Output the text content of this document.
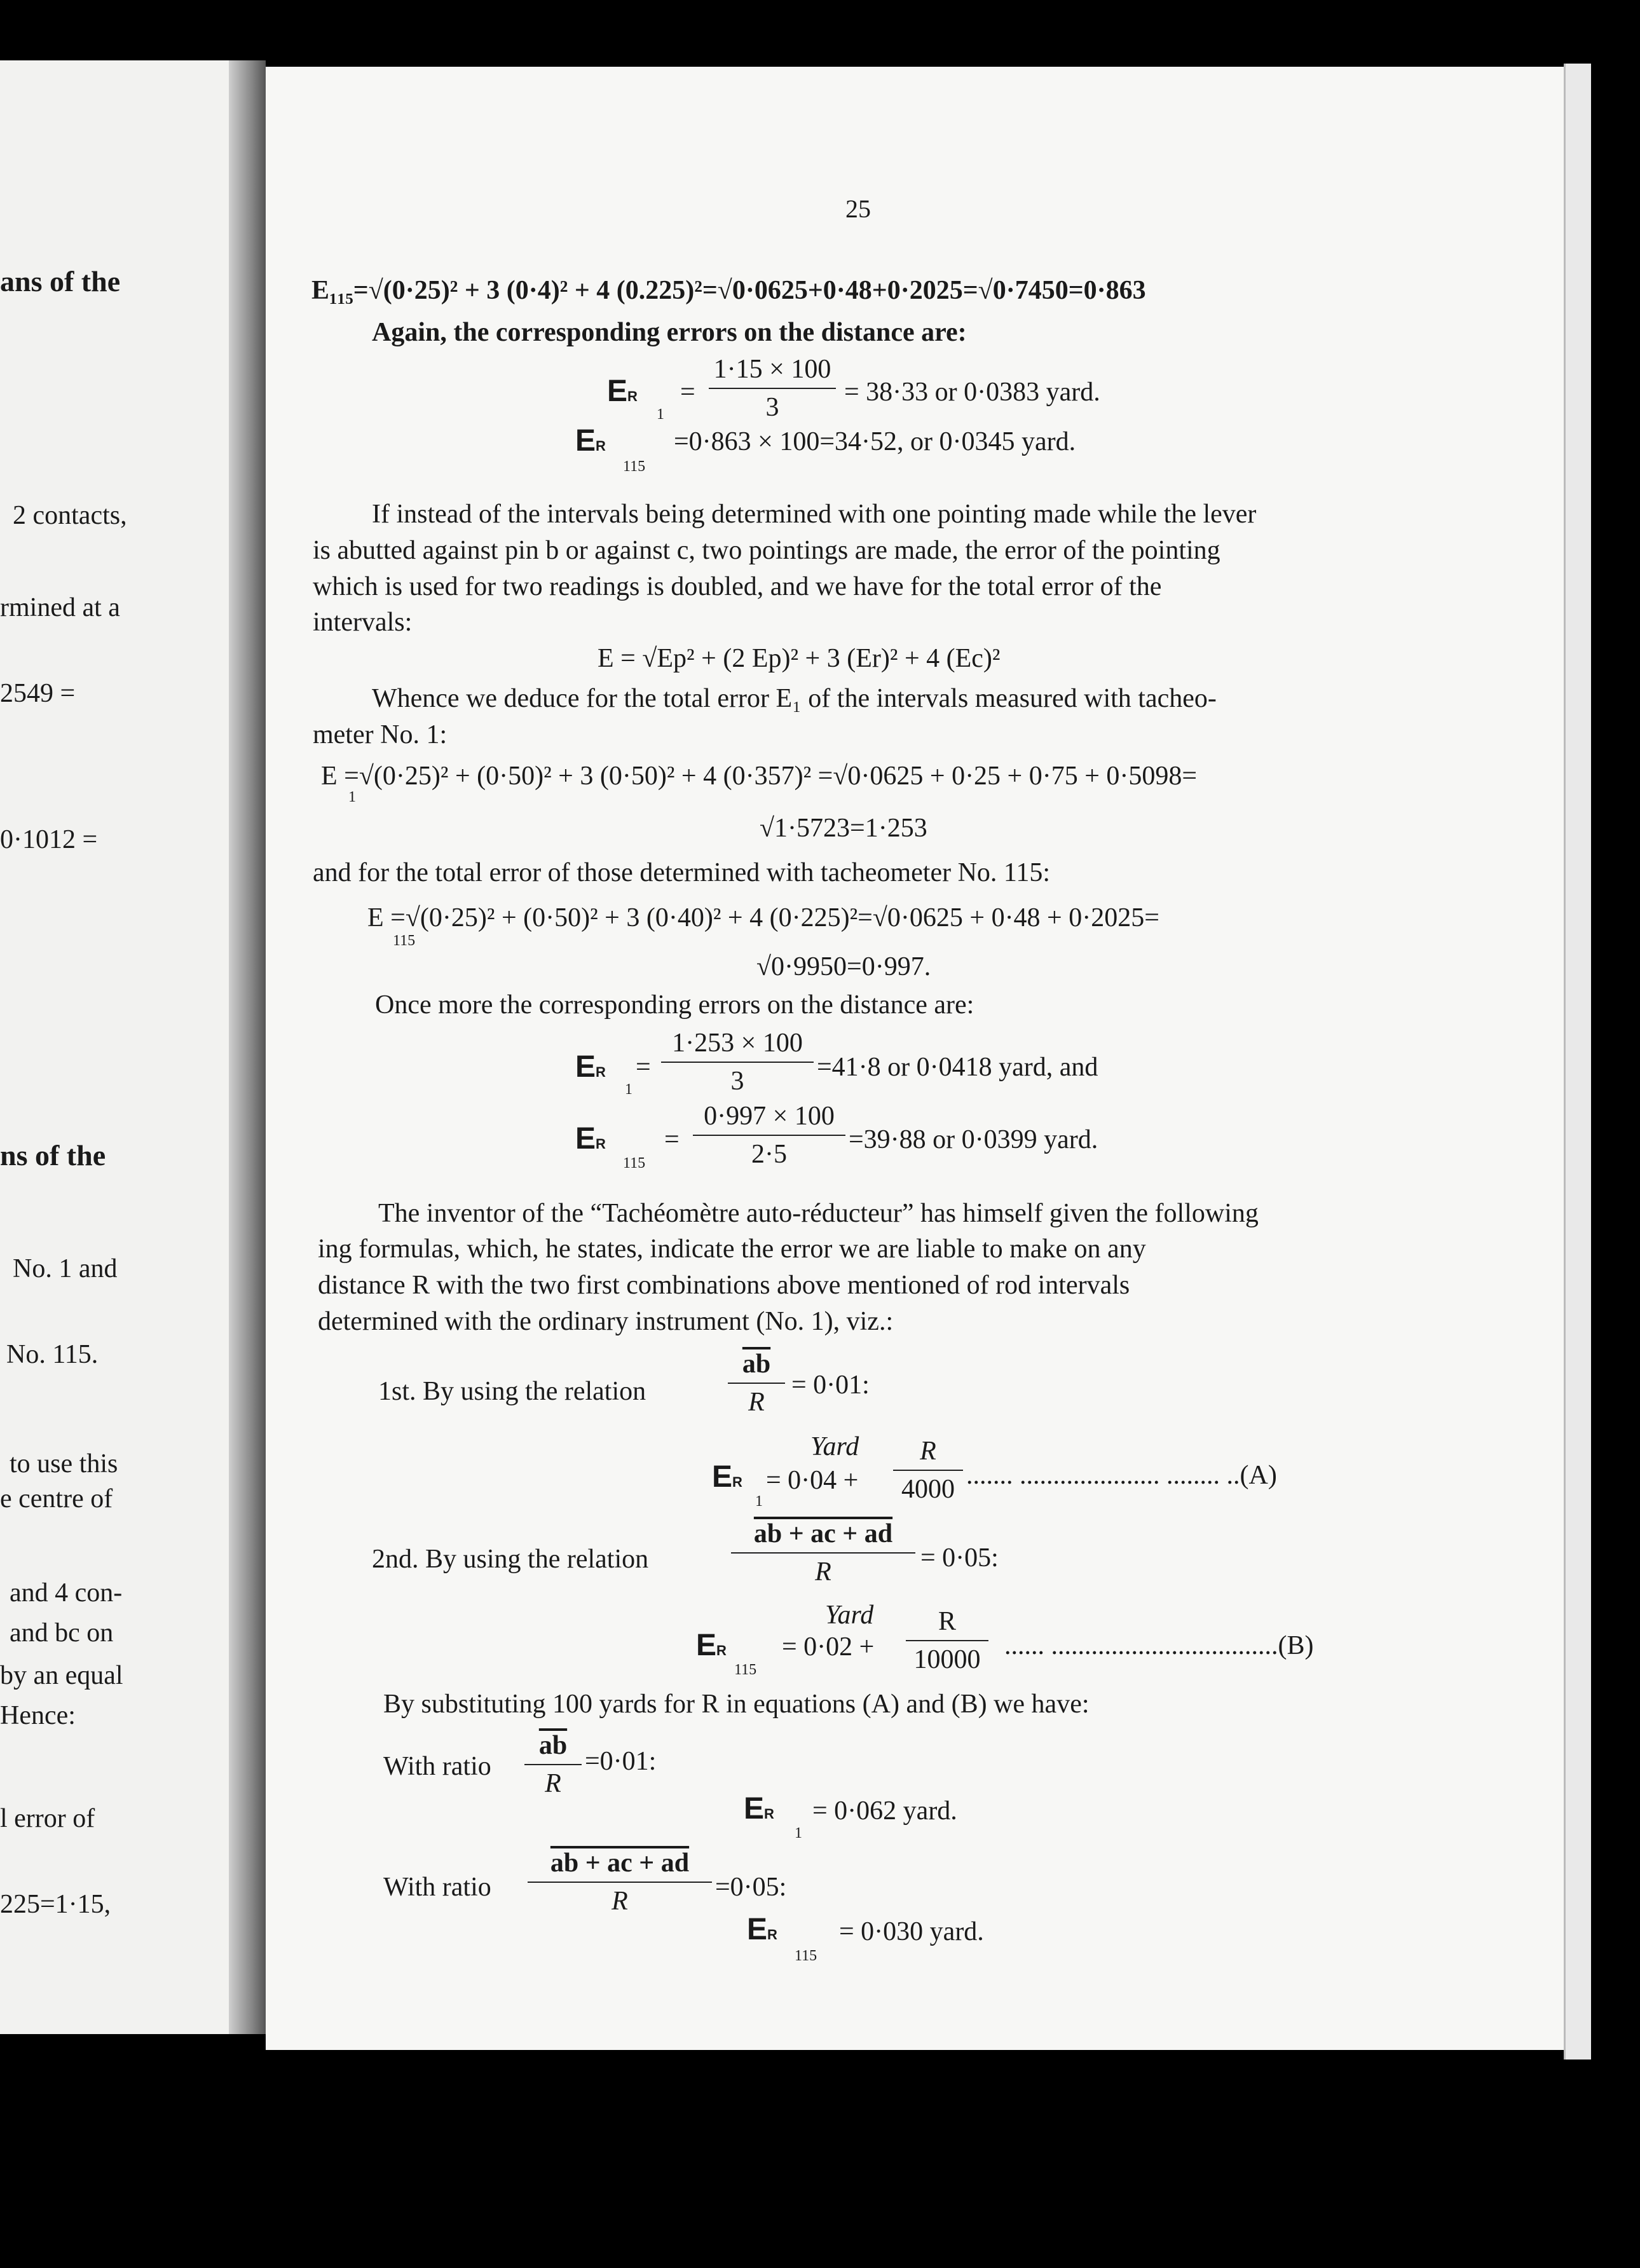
ans of the
2 contacts,
rmined at a
2549 =
0·1012 =
ns of the
No. 1 and
No. 115.
to use this
e centre of
and 4 con-
and bc on
by an equal
Hence:
l error of
225=1·15,
25
E₁₁₅=√(0·25)² + 3 (0·4)² + 4 (0.225)²=√0·0625+0·48+0·2025=√0·7450=0·863
Again, the corresponding errors on the distance are:
ER
1
= $\frac{1\cdot 15 \times 100}{3} = 38\cdot 33$ or 0·0383 yard.
ER
115
=0·863 × 100=34·52, or 0·0345 yard.
If instead of the intervals being determined with one pointing made while the lever
is abutted against pin b or against c, two pointings are made, the error of the pointing
which is used for two readings is doubled, and we have for the total error of the
intervals:
E = √Ep² + (2 Ep)² + 3 (Er)² + 4 (Ec)²
Whence we deduce for the total error E₁ of the intervals measured with tacheo-
meter No. 1:
E =√(0·25)² + (0·50)² + 3 (0·50)² + 4 (0·357)² =√0·0625 + 0·25 + 0·75 + 0·5098=
1
√1·5723=1·253
and for the total error of those determined with tacheometer No. 115:
E =√(0·25)² + (0·50)² + 3 (0·40)² + 4 (0·225)²=√0·0625 + 0·48 + 0·2025=
115
√0·9950=0·997.
Once more the corresponding errors on the distance are:
ER
1
= $\frac{1\cdot 253 \times 100}{3} =41\cdot 8$ or 0·0418 yard, and
ER
115
= $\frac{0\cdot 997 \times 100}{2\cdot 5} =39\cdot 88$ or 0·0399 yard.
The inventor of the “Tachéomètre auto-réducteur” has himself given the following
ing formulas, which, he states, indicate the error we are liable to make on any
distance R with the two first combinations above mentioned of rod intervals
determined with the ordinary instrument (No. 1), viz.:
1st. By using the relation	$\frac{\overline{ab}}{R} = 0\cdot 01$:
Yard
ER
1
= $0\cdot 04 + \frac{R}{4000}$ ....... ..................... ........ ..(A)
2nd. By using the relation	$\frac{ab + ac + ad}{R} = 0\cdot 05$:
Yard
ER
115
= $0\cdot 02 + \frac{R}{10000}$ ...... ..................................(B)
By substituting 100 yards for R in equations (A) and (B) we have:
With ratio $\frac{\overline{ab}}{R} =0\cdot 01$:
ER
1
= 0·062 yard.
With ratio $\frac{ab + ac + ad}{R} =0\cdot 05$:
ER
115
= 0·030 yard.
